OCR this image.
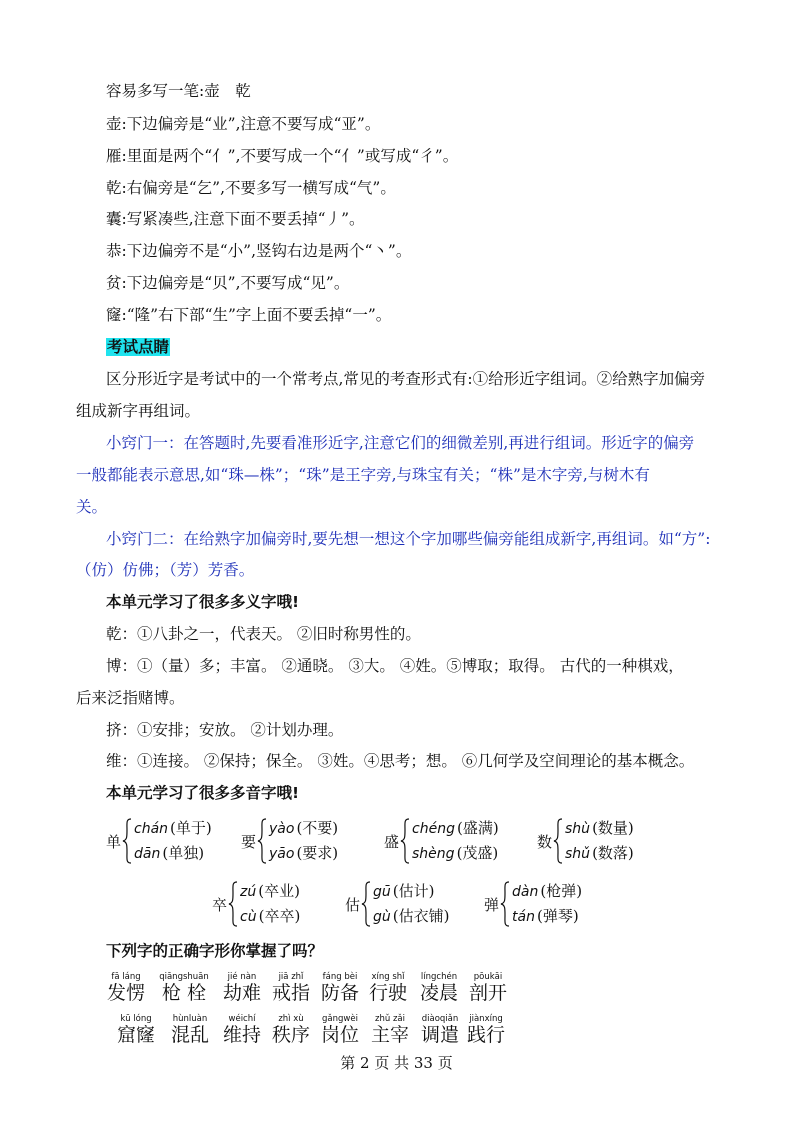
容易多写一笔:壶　乾
壶:下边偏旁是“业”,注意不要写成“亚”。
雁:里面是两个“亻”,不要写成一个“亻”或写成“彳”。
乾:右偏旁是“乞”,不要多写一横写成“气”。
囊:写紧凑些,注意下面不要丢掉“丿”。
恭:下边偏旁不是“小”,竖钩右边是两个“丶”。
贫:下边偏旁是“贝”,不要写成“见”。
窿:“隆”右下部“生”字上面不要丢掉“一”。
考试点睛
区分形近字是考试中的一个常考点,常见的考查形式有:①给形近字组词。②给熟字加偏旁
组成新字再组词。
小窍门一：在答题时,先要看准形近字,注意它们的细微差别,再进行组词。形近字的偏旁
一般都能表示意思,如“珠—株”；“珠”是王字旁,与珠宝有关；“株”是木字旁,与树木有
关。
小窍门二：在给熟字加偏旁时,要先想一想这个字加哪些偏旁能组成新字,再组词。如“方”:
（仿）仿佛；（芳）芳香。
本单元学习了很多多义字哦!
乾：①八卦之一，代表天。 ②旧时称男性的。
博：①（量）多；丰富。 ②通晓。 ③大。 ④姓。⑤博取；取得。 古代的一种棋戏，
后来泛指赌博。
挤：①安排；安放。 ②计划办理。
维：①连接。 ②保持；保全。 ③姓。④思考；想。 ⑥几何学及空间理论的基本概念。
本单元学习了很多多音字哦!
单
chán (单于)
dān (单独)
要
yào (不要)
yāo (要求)
盛
chéng (盛满)
shèng (茂盛)
数
shù (数量)
shǔ (数落)
卒
zú (卒业)
cù (卒卒)
估
gū (估计)
gù (估衣铺)
弹
dàn (枪弹)
tán (弹琴)
下列字的正确字形你掌握了吗？
fā láng
发愣
qiāngshuān
枪 栓
jié nàn
劫难
jiā zhǐ
戒指
fáng bèi
防备
xíng shǐ
行驶
língchén
凌晨
pōukāi
剖开
kū lóng
窟窿
hùnluàn
混乱
wéichí
维持
zhì xù
秩序
gǎngwèi
岗位
zhǔ zǎi
主宰
diàoqiǎn
调遣
jiànxíng
践行
第 2 页 共 33 页
